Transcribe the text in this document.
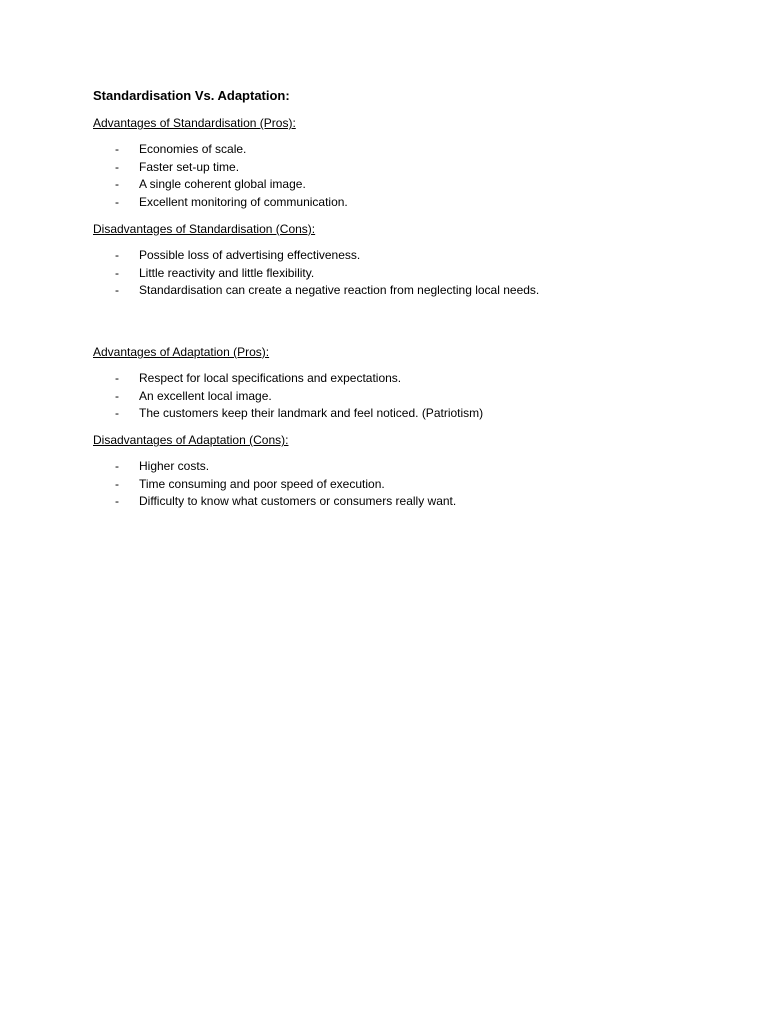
Standardisation Vs. Adaptation:
Advantages of Standardisation (Pros):
- Economies of scale.
- Faster set-up time.
- A single coherent global image.
- Excellent monitoring of communication.
Disadvantages of Standardisation (Cons):
- Possible loss of advertising effectiveness.
- Little reactivity and little flexibility.
- Standardisation can create a negative reaction from neglecting local needs.
Advantages of Adaptation (Pros):
- Respect for local specifications and expectations.
- An excellent local image.
- The customers keep their landmark and feel noticed. (Patriotism)
Disadvantages of Adaptation (Cons):
- Higher costs.
- Time consuming and poor speed of execution.
- Difficulty to know what customers or consumers really want.
